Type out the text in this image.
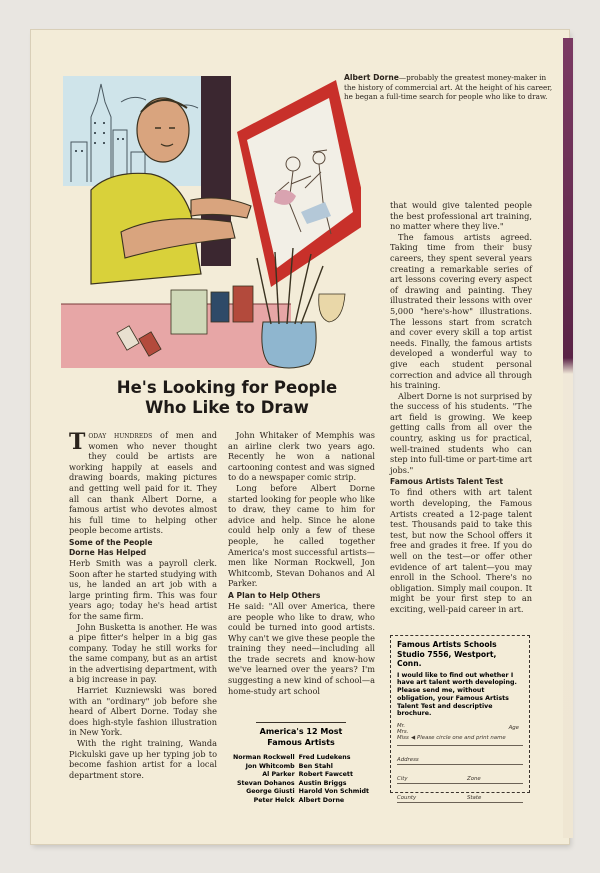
Albert Dorne—probably the greatest money-maker in the history of commercial art. At the height of his career, he began a full-time search for people who like to draw.
He's Looking for People
Who Like to Draw

Today hundreds of men and women who never thought they could be artists are working happily at easels and drawing boards, making pictures and getting well paid for it. They all can thank Albert Dorne, a famous artist who devotes almost his full time to helping other people become artists.

Some of the People
Dorne Has Helped

Herb Smith was a payroll clerk. Soon after he started studying with us, he landed an art job with a large printing firm. This was four years ago; today he's head artist for the same firm.

John Busketta is another. He was a pipe fitter's helper in a big gas company. Today he still works for the same company, but as an artist in the advertising department, with a big increase in pay.

Harriet Kuzniewski was bored with an "ordinary" job before she heard of Albert Dorne. Today she does high-style fashion illustration in New York.

With the right training, Wanda Pickulski gave up her typing job to become fashion artist for a local department store.

John Whitaker of Memphis was an airline clerk two years ago. Recently he won a national cartooning contest and was signed to do a newspaper comic strip.

Long before Albert Dorne started looking for people who like to draw, they came to him for advice and help. Since he alone could help only a few of these people, he called together America's most successful artists—men like Norman Rockwell, Jon Whitcomb, Stevan Dohanos and Al Parker.

A Plan to Help Others

He said: "All over America, there are people who like to draw, who could be turned into good artists. Why can't we give these people the training they need—including all the trade secrets and know-how we've learned over the years? I'm suggesting a new kind of school—a home-study art school

America's 12 Most
Famous Artists
Norman Rockwell	Fred Ludekens
Jon Whitcomb	Ben Stahl
Al Parker	Robert Fawcett
Stevan Dohanos	Austin Briggs
George Giusti	Harold Von Schmidt
Peter Helck	Albert Dorne

that would give talented people the best professional art training, no matter where they live."

The famous artists agreed. Taking time from their busy careers, they spent several years creating a remarkable series of art lessons covering every aspect of drawing and painting. They illustrated their lessons with over 5,000 "here's-how" illustrations. The lessons start from scratch and cover every skill a top artist needs. Finally, the famous artists developed a wonderful way to give each student personal correction and advice all through his training.

Albert Dorne is not surprised by the success of his students. "The art field is growing. We keep getting calls from all over the country, asking us for practical, well-trained students who can step into full-time or part-time art jobs."

Famous Artists Talent Test

To find others with art talent worth developing, the Famous Artists created a 12-page talent test. Thousands paid to take this test, but now the School offers it free and grades it free. If you do well on the test—or offer other evidence of art talent—you may enroll in the School. There's no obligation. Simply mail coupon. It might be your first step to an exciting, well-paid career in art.

Famous Artists Schools
Studio 7556, Westport, Conn.
I would like to find out whether I have art talent worth developing. Please send me, without obligation, your Famous Artists Talent Test and descriptive brochure.
Mr.
Mrs.
Miss ◀ Please circle one and print name
Age
Address
City	Zone
County	State
